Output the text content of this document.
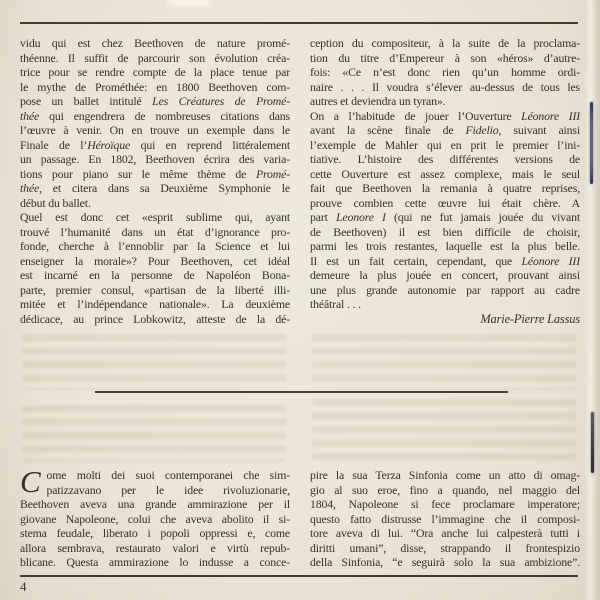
vidu qui est chez Beethoven de nature promé-
théenne. Il suffit de parcourir son évolution créa-
trice pour se rendre compte de la place tenue par
le mythe de Prométhée: en 1800 Beethoven com-
pose un ballet intitulé Les Créatures de Promé-
thée qui engendrera de nombreuses citations dans
l’œuvre à venir. On en trouve un exemple dans le
Finale de l’Héroïque qui en reprend littéralement
un passage. En 1802, Beethoven écrira des varia-
tions pour piano sur le même thème de Promé-
thée, et citera dans sa Deuxième Symphonie le
début du ballet.
Quel est donc cet «esprit sublime qui, ayant
trouvé l’humanité dans un état d’ignorance pro-
fonde, cherche à l’ennoblir par la Science et lui
enseigner la morale»? Pour Beethoven, cet idéal
est incarné en la personne de Napoléon Bona-
parte, premier consul, «partisan de la liberté illi-
mitée et l’indépendance nationale». La deuxième
dédicace, au prince Lobkowitz, atteste de la dé-
ception du compositeur, à la suite de la proclama-
tion du titre d’Empereur à son «héros» d’autre-
fois: «Ce n’est donc rien qu’un homme ordi-
naire . . . Il voudra s’élever au-dessus de tous les
autres et deviendra un tyran».
On a l’habitude de jouer l’Ouverture Léonore III
avant la scène finale de Fidelio, suivant ainsi
l’exemple de Mahler qui en prit le premier l’ini-
tiative. L’histoire des différentes versions de
cette Ouverture est assez complexe, mais le seul
fait que Beethoven la remania à quatre reprises,
prouve combien cette œuvre lui était chère. A
part Leonore I (qui ne fut jamais jouée du vivant
de Beethoven) il est bien difficile de choisir,
parmi les trois restantes, laquelle est la plus belle.
Il est un fait certain, cependant, que Léonore III
demeure la plus jouée en concert, prouvant ainsi
une plus grande autonomie par rapport au cadre
théâtral . . .
Marie-Pierre Lassus
C ome molti dei suoi contemporanei che sim-
patizzavano per le idee rivoluzionarie,
Beethoven aveva una grande ammirazione per il
giovane Napoleone, colui che aveva abolito il si-
stema feudale, liberato i popoli oppressi e, come
allora sembrava, restaurato valori e virtù repub-
blicane. Questa ammirazione lo indusse a conce-
pire la sua Terza Sinfonia come un atto di omag-
gio al suo eroe, fino a quando, nel maggio del
1804, Napoleone si fece proclamare imperatore;
questo fatto distrusse l’immagine che il composi-
tore aveva di lui. “Ora anche lui calpesterà tutti i
diritti umani”, disse, strappando il frontespizio
della Sinfonia, “e seguirà solo la sua ambizione”.
4
